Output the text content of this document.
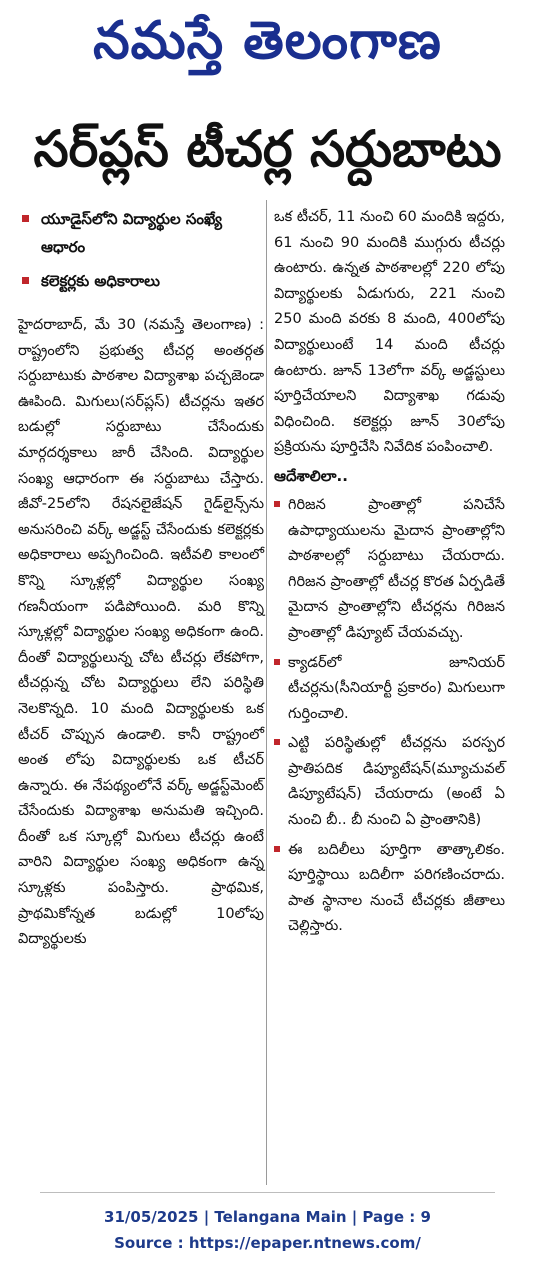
నమస్తే తెలంగాణ
సర్‌ప్లస్ టీచర్ల సర్దుబాటు
యూడైస్‌లోని విద్యార్థుల సంఖ్యే ఆధారం
కలెక్టర్లకు అధికారాలు

హైదరాబాద్, మే 30 (నమస్తే తెలంగాణ) : రాష్ట్రంలోని ప్రభుత్వ టీచర్ల అంతర్గత సర్దుబాటుకు పాఠశాల విద్యాశాఖ పచ్చజెండా ఊపింది. మిగులు(సర్‌ప్లస్) టీచర్లను ఇతర బడుల్లో సర్దుబాటు చేసేందుకు మార్గదర్శకాలు జారీ చేసింది. విద్యార్థుల సంఖ్య ఆధారంగా ఈ సర్దుబాటు చేస్తారు. జీవో-25లోని రేషనలైజేషన్ గైడ్‌లైన్స్‌ను అనుసరించి వర్క్ అడ్జస్ట్ చేసేందుకు కలెక్టర్లకు అధికారాలు అప్పగించింది. ఇటీవలి కాలంలో కొన్ని స్కూళ్లల్లో విద్యార్థుల సంఖ్య గణనీయంగా పడిపోయింది. మరి కొన్ని స్కూళ్లల్లో విద్యార్థుల సంఖ్య అధికంగా ఉంది. దీంతో విద్యార్థులున్న చోట టీచర్లు లేకపోగా, టీచర్లున్న చోట విద్యార్థులు లేని పరిస్థితి నెలకొన్నది. 10 మంది విద్యార్థులకు ఒక టీచర్ చొప్పున ఉండాలి. కానీ రాష్ట్రంలో అంత లోపు విద్యార్థులకు ఒక టీచర్ ఉన్నారు. ఈ నేపథ్యంలోనే వర్క్ అడ్జస్ట్‌మెంట్ చేసేందుకు విద్యాశాఖ అనుమతి ఇచ్చింది. దీంతో ఒక స్కూల్లో మిగులు టీచర్లు ఉంటే వారిని విద్యార్థుల సంఖ్య అధికంగా ఉన్న స్కూళ్లకు పంపిస్తారు. ప్రాథమిక, ప్రాథమికోన్నత బడుల్లో 10లోపు విద్యార్థులకు

ఒక టీచర్, 11 నుంచి 60 మందికి ఇద్దరు, 61 నుంచి 90 మందికి ముగ్గురు టీచర్లు ఉంటారు. ఉన్నత పాఠశాలల్లో 220 లోపు విద్యార్థులకు ఏడుగురు, 221 నుంచి 250 మంది వరకు 8 మంది, 400లోపు విద్యార్థులుంటే 14 మంది టీచర్లు ఉంటారు. జూన్ 13లోగా వర్క్ అడ్జస్టులు పూర్తిచేయాలని విద్యాశాఖ గడువు విధించింది. కలెక్టర్లు జూన్ 30లోపు ప్రక్రియను పూర్తిచేసి నివేదిక పంపించాలి.

ఆదేశాలిలా..

గిరిజన ప్రాంతాల్లో పనిచేసే ఉపాధ్యాయులను మైదాన ప్రాంతాల్లోని పాఠశాలల్లో సర్దుబాటు చేయరాదు. గిరిజన ప్రాంతాల్లో టీచర్ల కొరత ఏర్పడితే మైదాన ప్రాంతాల్లోని టీచర్లను గిరిజన ప్రాంతాల్లో డిప్యూట్ చేయవచ్చు.

క్యాడర్‌లో జూనియర్ టీచర్లను(సీనియార్టీ ప్రకారం) మిగులుగా గుర్తించాలి.

ఎట్టి పరిస్థితుల్లో టీచర్లను పరస్పర ప్రాతిపదిక డిప్యూటేషన్(మ్యూచువల్ డిప్యూటేషన్) చేయరాదు (అంటే ఏ నుంచి బీ.. బీ నుంచి ఏ ప్రాంతానికి)

ఈ బదిలీలు పూర్తిగా తాత్కాలికం. పూర్తిస్థాయి బదిలీగా పరిగణించరాదు. పాత స్థానాల నుంచే టీచర్లకు జీతాలు చెల్లిస్తారు.

31/05/2025 | Telangana Main | Page : 9
Source : https://epaper.ntnews.com/
